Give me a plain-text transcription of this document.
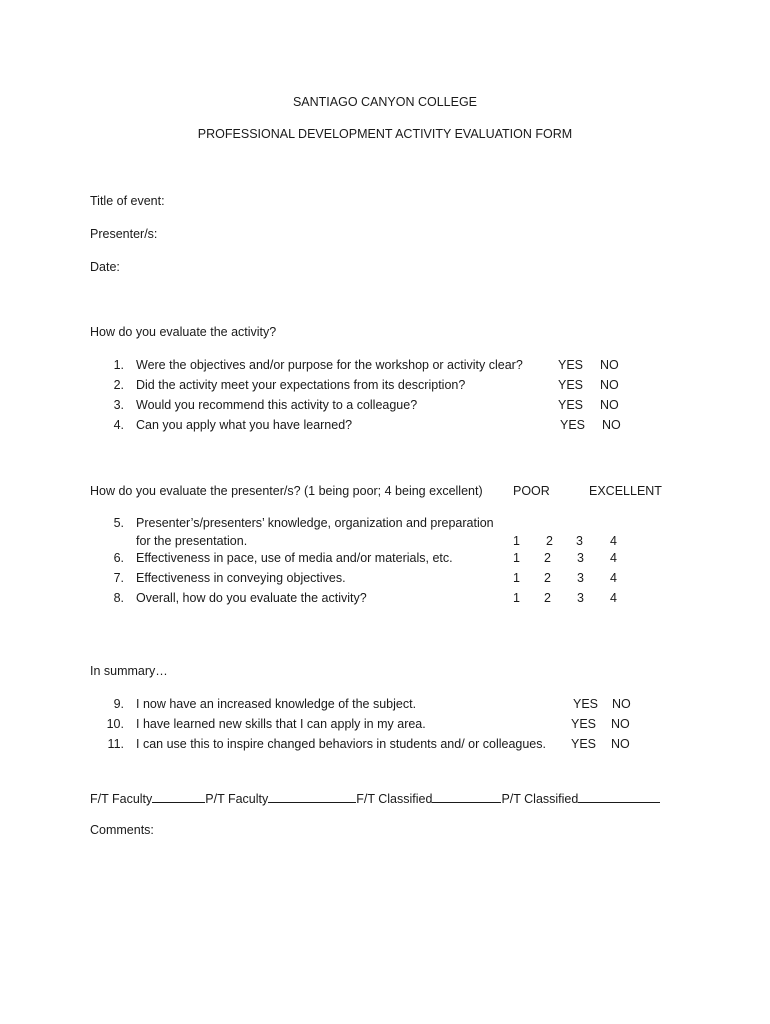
SANTIAGO CANYON COLLEGE
PROFESSIONAL DEVELOPMENT ACTIVITY EVALUATION FORM
Title of event:
Presenter/s:
Date:
How do you evaluate the activity?
1. Were the objectives and/or purpose for the workshop or activity clear?	YES NO
2. Did the activity meet your expectations from its description?	YES NO
3. Would you recommend this activity to a colleague?	YES NO
4. Can you apply what you have learned?	YES NO
How do you evaluate the presenter/s? (1 being poor; 4 being excellent) POOR	EXCELLENT
5. Presenter’s/presenters’ knowledge, organization and preparation
for the presentation.	1 2 3 4
6. Effectiveness in pace, use of media and/or materials, etc.	1 2 3 4
7. Effectiveness in conveying objectives.	1 2 3 4
8. Overall, how do you evaluate the activity?	1 2 3 4
In summary…
9. I now have an increased knowledge of the subject.	YES NO
10. I have learned new skills that I can apply in my area.	YES NO
11. I can use this to inspire changed behaviors in students and/ or colleagues. YES NO
F/T Faculty	P/T Faculty	F/T Classified	P/T Classified
Comments:
